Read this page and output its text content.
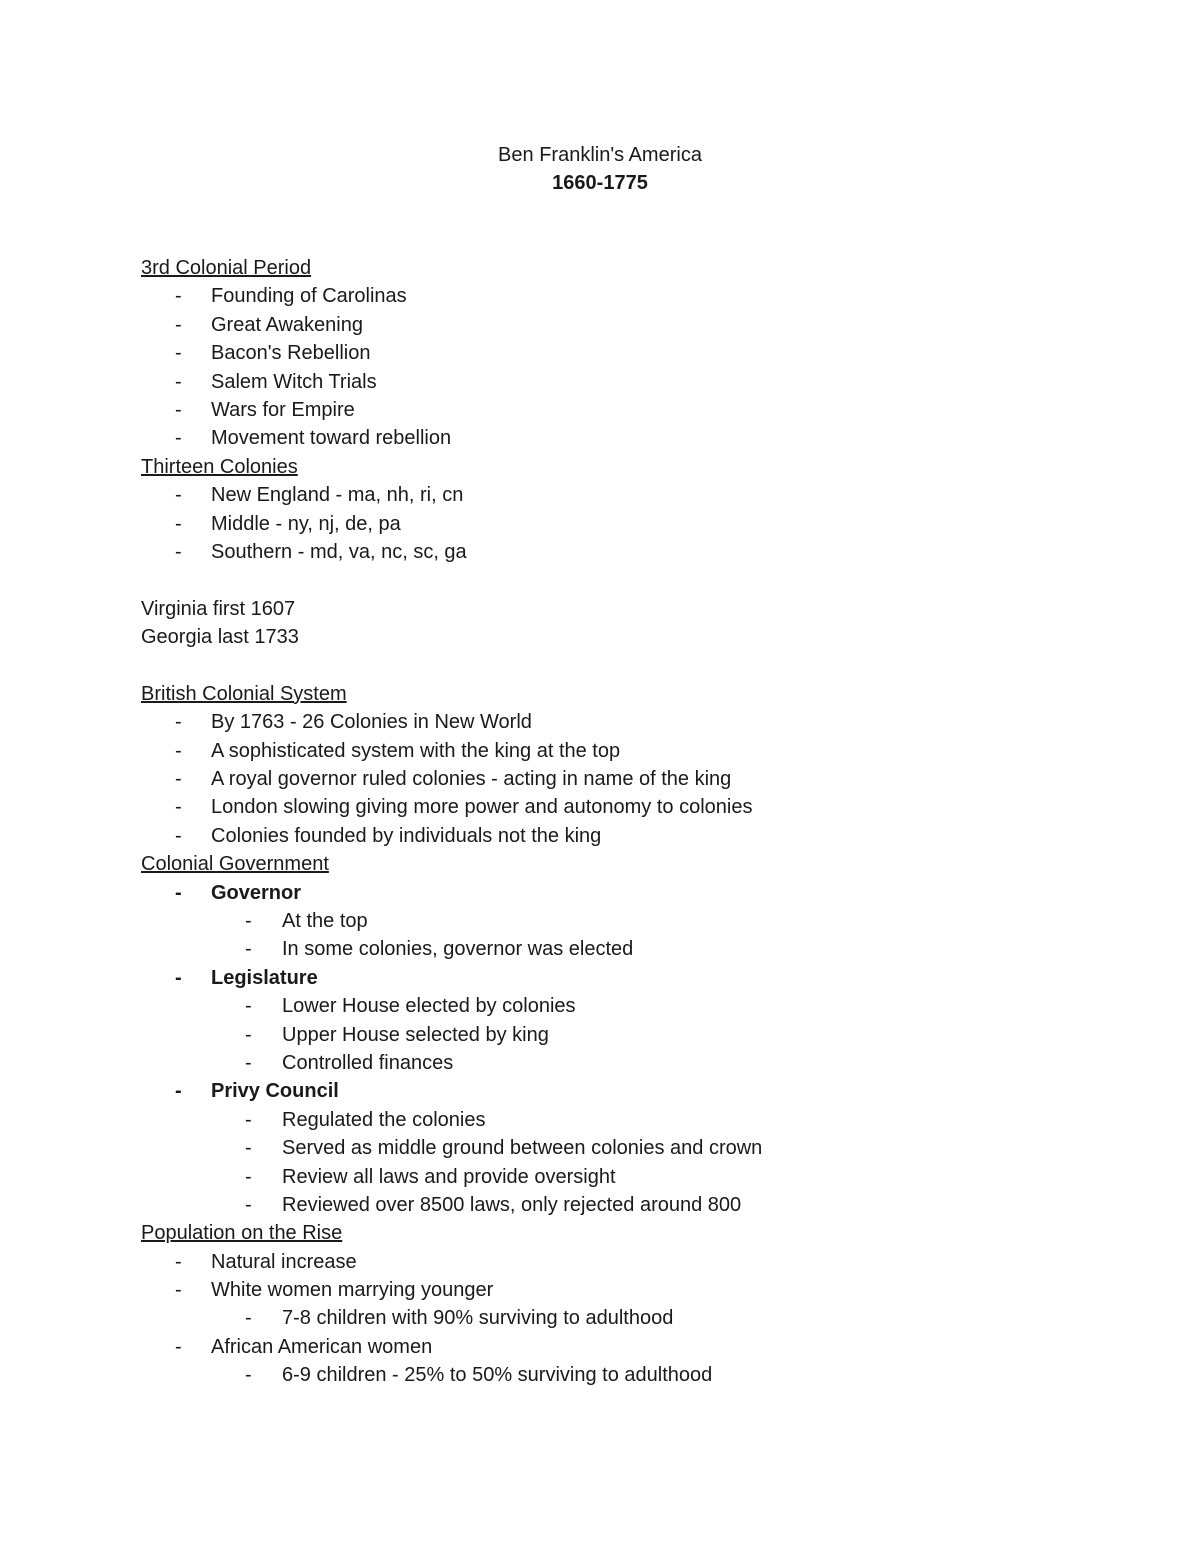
Ben Franklin's America
1660-1775
3rd Colonial Period
- Founding of Carolinas
- Great Awakening
- Bacon's Rebellion
- Salem Witch Trials
- Wars for Empire
- Movement toward rebellion
Thirteen Colonies
- New England - ma, nh, ri, cn
- Middle - ny, nj, de, pa
- Southern - md, va, nc, sc, ga
Virginia first 1607
Georgia last 1733
British Colonial System
- By 1763 - 26 Colonies in New World
- A sophisticated system with the king at the top
- A royal governor ruled colonies - acting in name of the king
- London slowing giving more power and autonomy to colonies
- Colonies founded by individuals not the king
Colonial Government
- Governor
- At the top
- In some colonies, governor was elected
- Legislature
- Lower House elected by colonies
- Upper House selected by king
- Controlled finances
- Privy Council
- Regulated the colonies
- Served as middle ground between colonies and crown
- Review all laws and provide oversight
- Reviewed over 8500 laws, only rejected around 800
Population on the Rise
- Natural increase
- White women marrying younger
- 7-8 children with 90% surviving to adulthood
- African American women
- 6-9 children - 25% to 50% surviving to adulthood
